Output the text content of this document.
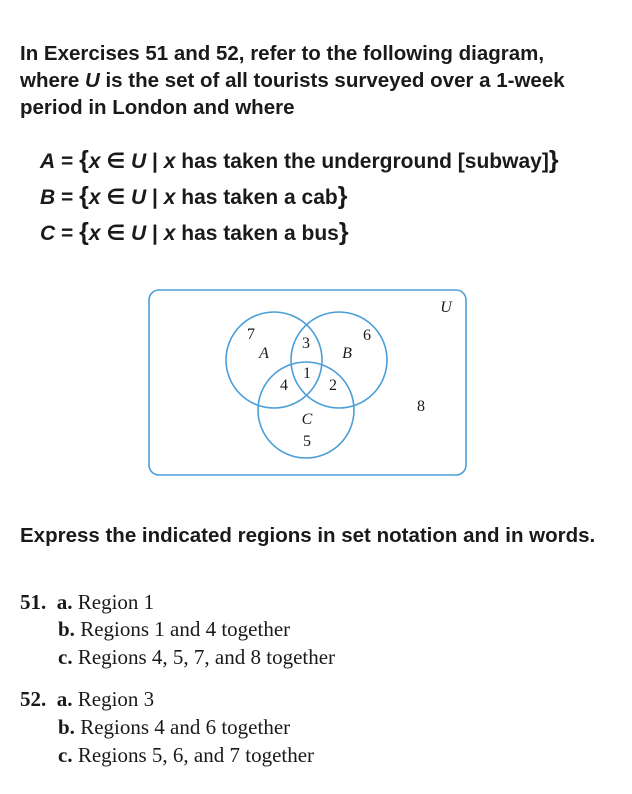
In Exercises 51 and 52, refer to the following diagram,
where U is the set of all tourists surveyed over a 1-week
period in London and where
A = {x ∈ U | x has taken the underground [subway]}
B = {x ∈ U | x has taken a cab}
C = {x ∈ U | x has taken a bus}
U
A	B
C
7
3	6
1
4	2
5
8
Express the indicated regions in set notation and in words.
51. a. Region 1
b. Regions 1 and 4 together
c. Regions 4, 5, 7, and 8 together
52. a. Region 3
b. Regions 4 and 6 together
c. Regions 5, 6, and 7 together
